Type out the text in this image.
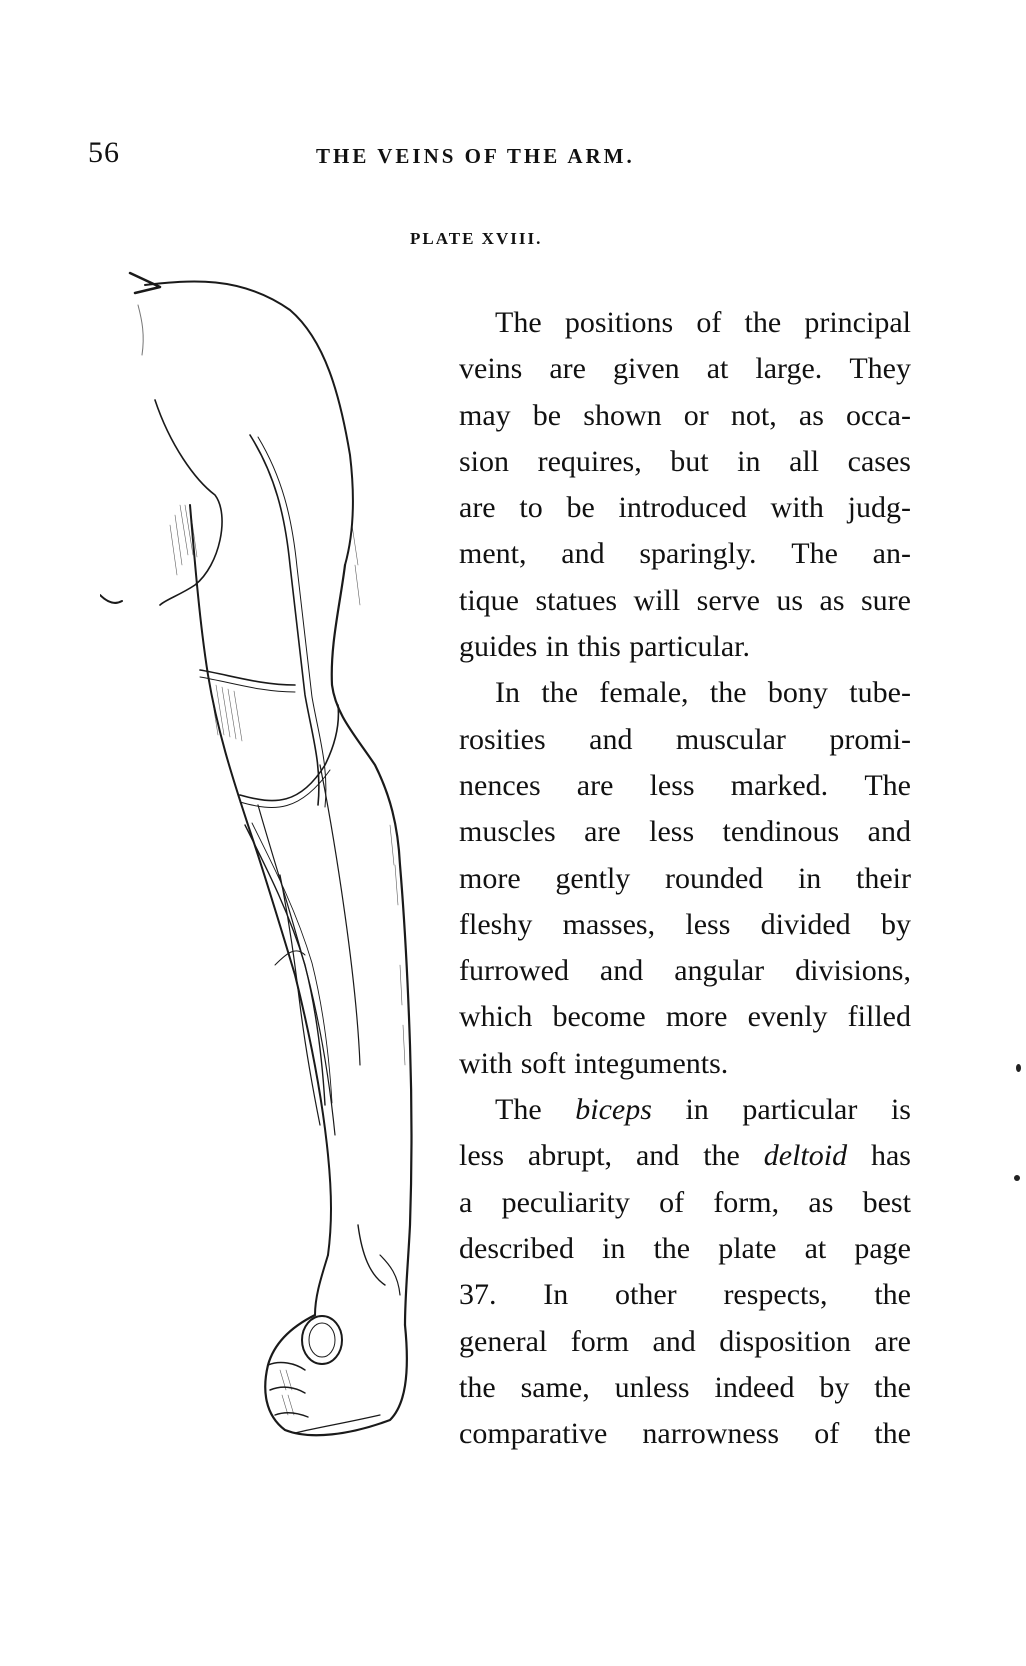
56	THE VEINS OF THE ARM.
PLATE XVIII.
The positions of the principal
veins are given at large. They
may be shown or not, as occa-
sion requires, but in all cases
are to be introduced with judg-
ment, and sparingly. The an-
tique statues will serve us as sure
guides in this particular.
In the female, the bony tube-
rosities and muscular promi-
nences are less marked. The
muscles are less tendinous and
more gently rounded in their
fleshy masses, less divided by
furrowed and angular divisions,
which become more evenly filled
with soft integuments.
The biceps in particular is
less abrupt, and the deltoid has
a peculiarity of form, as best
described in the plate at page
37. In other respects, the
general form and disposition are
the same, unless indeed by the
comparative narrowness of the
